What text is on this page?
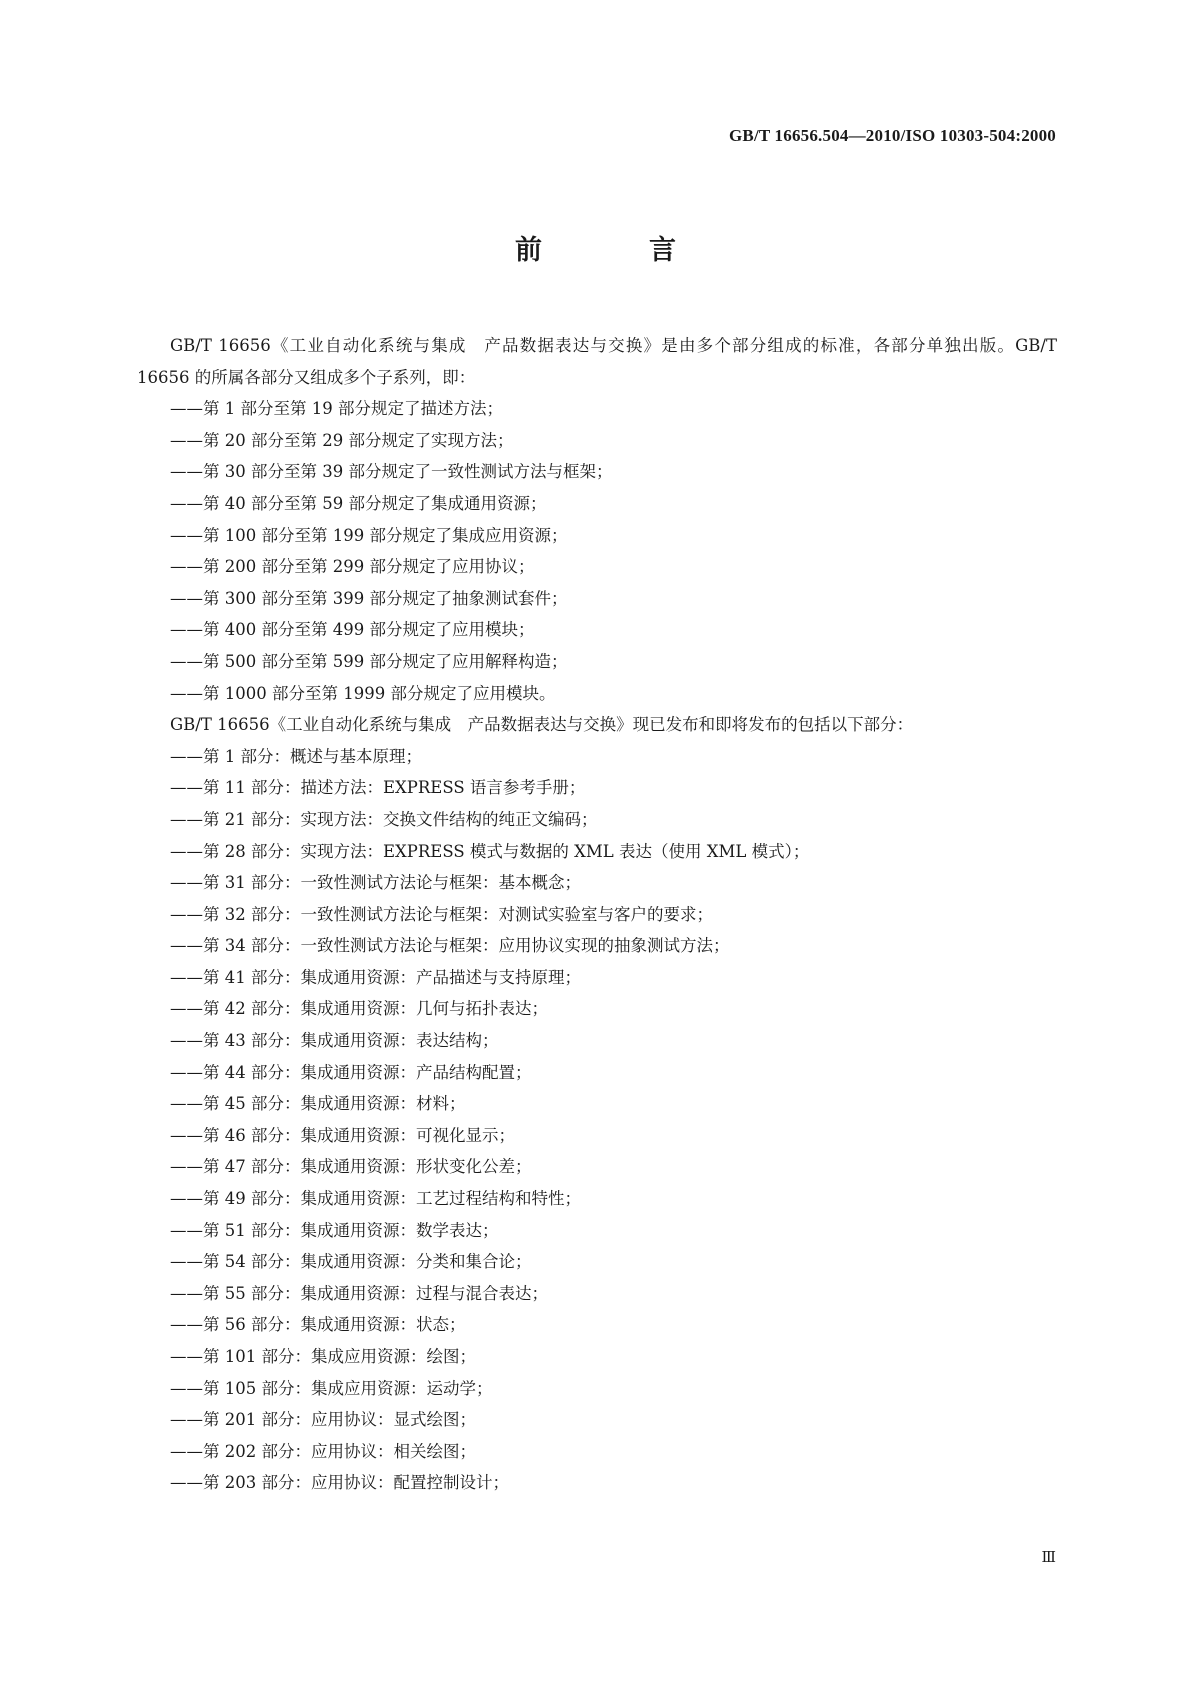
GB/T 16656.504—2010/ISO 10303-504:2000
前　言

GB/T 16656《工业自动化系统与集成　产品数据表达与交换》是由多个部分组成的标准，各部分单独出版。GB/T 16656 的所属各部分又组成多个子系列，即：

——第 1 部分至第 19 部分规定了描述方法；

——第 20 部分至第 29 部分规定了实现方法；

——第 30 部分至第 39 部分规定了一致性测试方法与框架；

——第 40 部分至第 59 部分规定了集成通用资源；

——第 100 部分至第 199 部分规定了集成应用资源；

——第 200 部分至第 299 部分规定了应用协议；

——第 300 部分至第 399 部分规定了抽象测试套件；

——第 400 部分至第 499 部分规定了应用模块；

——第 500 部分至第 599 部分规定了应用解释构造；

——第 1000 部分至第 1999 部分规定了应用模块。

GB/T 16656《工业自动化系统与集成　产品数据表达与交换》现已发布和即将发布的包括以下部分：

——第 1 部分：概述与基本原理；

——第 11 部分：描述方法：EXPRESS 语言参考手册；

——第 21 部分：实现方法：交换文件结构的纯正文编码；

——第 28 部分：实现方法：EXPRESS 模式与数据的 XML 表达（使用 XML 模式）；

——第 31 部分：一致性测试方法论与框架：基本概念；

——第 32 部分：一致性测试方法论与框架：对测试实验室与客户的要求；

——第 34 部分：一致性测试方法论与框架：应用协议实现的抽象测试方法；

——第 41 部分：集成通用资源：产品描述与支持原理；

——第 42 部分：集成通用资源：几何与拓扑表达；

——第 43 部分：集成通用资源：表达结构；

——第 44 部分：集成通用资源：产品结构配置；

——第 45 部分：集成通用资源：材料；

——第 46 部分：集成通用资源：可视化显示；

——第 47 部分：集成通用资源：形状变化公差；

——第 49 部分：集成通用资源：工艺过程结构和特性；

——第 51 部分：集成通用资源：数学表达；

——第 54 部分：集成通用资源：分类和集合论；

——第 55 部分：集成通用资源：过程与混合表达；

——第 56 部分：集成通用资源：状态；

——第 101 部分：集成应用资源：绘图；

——第 105 部分：集成应用资源：运动学；

——第 201 部分：应用协议：显式绘图；

——第 202 部分：应用协议：相关绘图；

——第 203 部分：应用协议：配置控制设计；

Ⅲ
